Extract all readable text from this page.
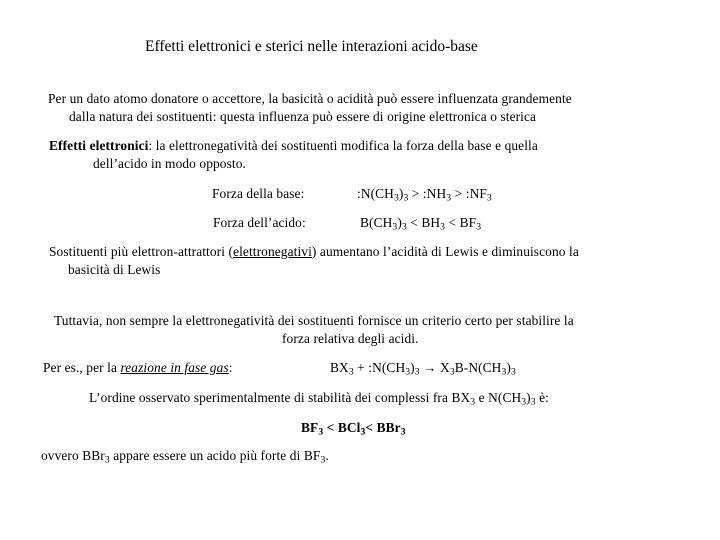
Effetti elettronici e sterici nelle interazioni acido-base
Per un dato atomo donatore o accettore, la basicità o acidità può essere influenzata grandemente
dalla natura dei sostituenti: questa influenza può essere di origine elettronica o sterica
Effetti elettronici: la elettronegatività dei sostituenti modifica la forza della base e quella
dell’acido in modo opposto.
Forza della base:	$:N(CH_3)_3$ > $:NH_3$ > $:NF_3$
Forza dell’acido:	$B(CH_3)_3 < BH_3 < BF_3$
Sostituenti più elettron-attrattori (elettronegativi) aumentano l’acidità di Lewis e diminuiscono la
basicità di Lewis
Tuttavia, non sempre la elettronegatività dei sostituenti fornisce un criterio certo per stabilire la
forza relativa degli acidi.
Per es., per la reazione in fase gas:	$BX_3$ + $:N(CH_3)_3 \to X_3B-N(CH_3)_3$
L’ordine osservato sperimentalmente di stabilità dei complessi fra $BX_3$ e $N(CH_3)_3$ è:
$BF_3 < BCl_3< BBr_3$
ovvero BBr$_3$ appare essere un acido più forte di $BF_3$.
